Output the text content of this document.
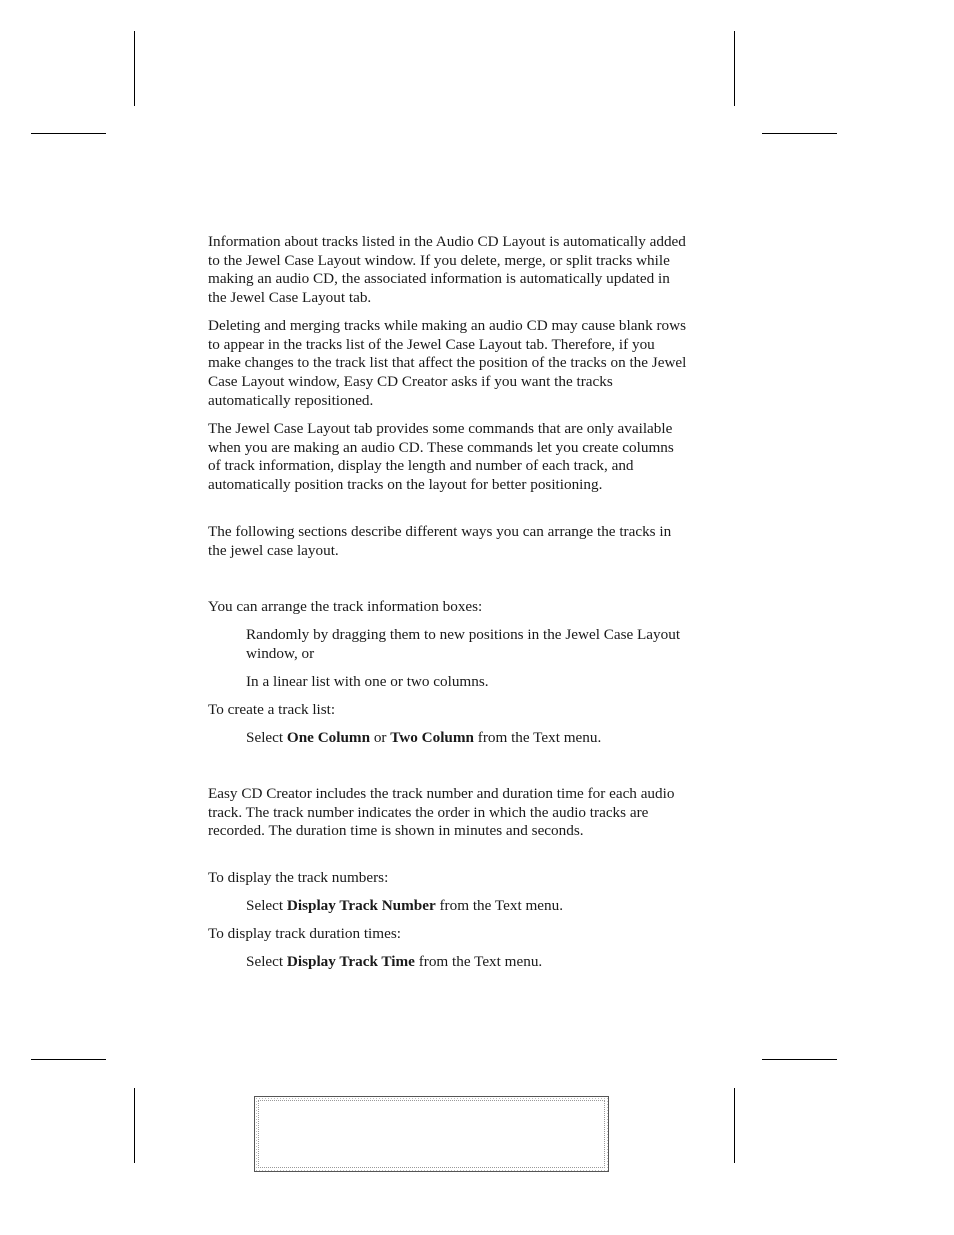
Information about tracks listed in the Audio CD Layout is automatically added to the Jewel Case Layout window. If you delete, merge, or split tracks while making an audio CD, the associated information is automatically updated in the Jewel Case Layout tab.

Deleting and merging tracks while making an audio CD may cause blank rows to appear in the tracks list of the Jewel Case Layout tab. Therefore, if you make changes to the track list that affect the position of the tracks on the Jewel Case Layout window, Easy CD Creator asks if you want the tracks automatically repositioned.

The Jewel Case Layout tab provides some commands that are only available when you are making an audio CD. These commands let you create columns of track information, display the length and number of each track, and automatically position tracks on the layout for better positioning.

The following sections describe different ways you can arrange the tracks in the jewel case layout.

You can arrange the track information boxes:

Randomly by dragging them to new positions in the Jewel Case Layout window, or

In a linear list with one or two columns.

To create a track list:

Select One Column or Two Column from the Text menu.

Easy CD Creator includes the track number and duration time for each audio track. The track number indicates the order in which the audio tracks are recorded. The duration time is shown in minutes and seconds.

To display the track numbers:

Select Display Track Number from the Text menu.

To display track duration times:

Select Display Track Time from the Text menu.
